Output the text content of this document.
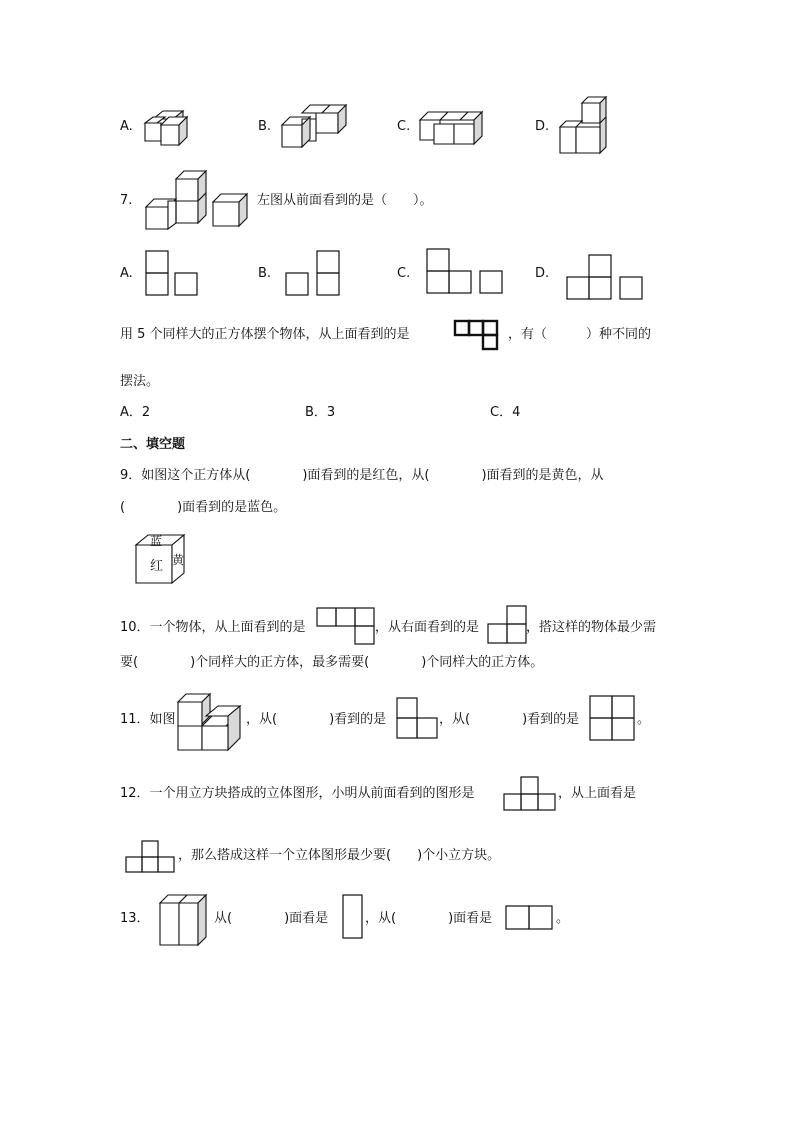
A.	B.	C.	D.
7.	左图从前面看到的是（　　）。
A.	B.	C.	D.
用 5 个同样大的正方体摆个物体，从上面看到的是	，有（　　　）种不同的
摆法。
A．2	B．3	C．4
二、填空题
9．如图这个正方体从(　　　　)面看到的是红色，从(　　　　)面看到的是黄色，从
(　　　　)面看到的是蓝色。
蓝
红 黄
10．一个物体，从上面看到的是	，从右面看到的是	，搭这样的物体最少需
要(　　　　)个同样大的正方体，最多需要(　　　　)个同样大的正方体。
11．如图	，从(　　　　)看到的是	，从(　　　　)看到的是	。
12．一个用立方块搭成的立体图形，小明从前面看到的图形是	，从上面看是
，那么搭成这样一个立体图形最少要(　　)个小立方块。
13．	从(　　　　)面看是	，从(　　　　)面看是	。
